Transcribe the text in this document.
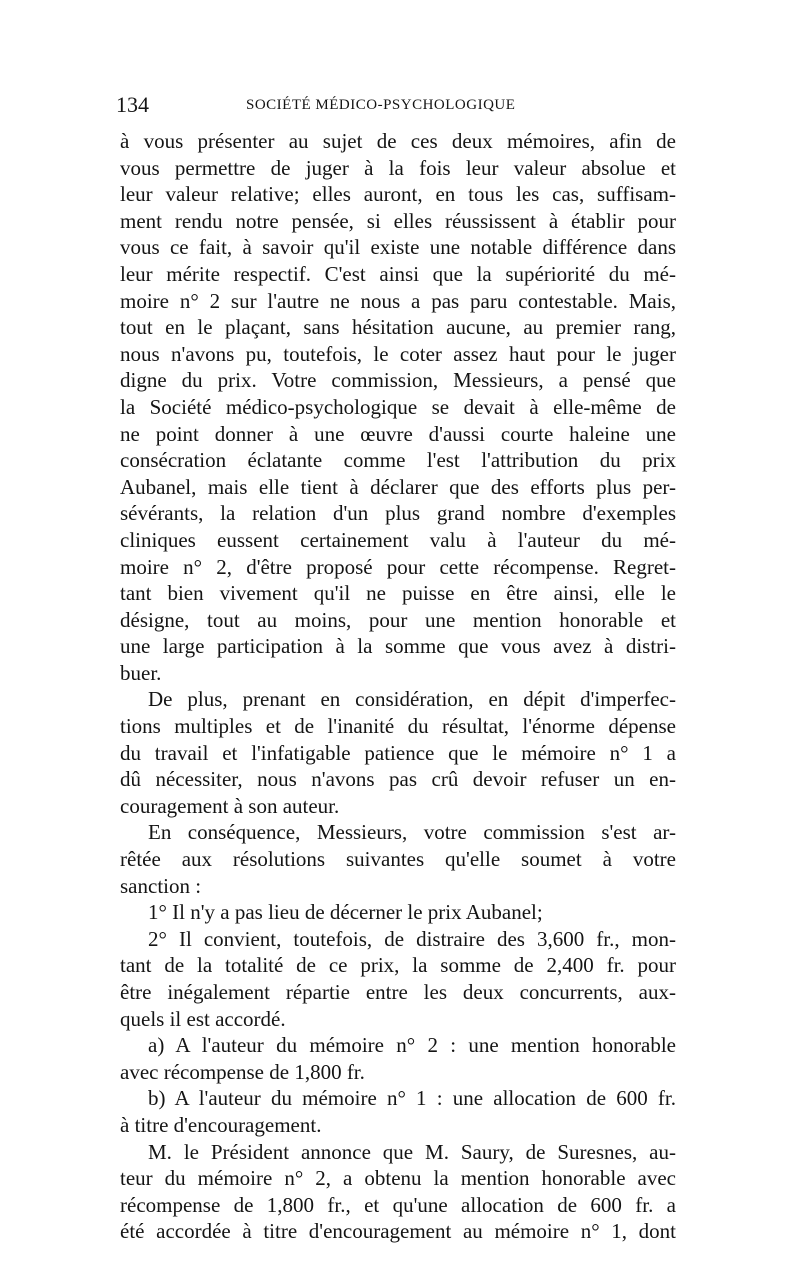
134	SOCIÉTÉ MÉDICO-PSYCHOLOGIQUE
à vous présenter au sujet de ces deux mémoires, afin de
vous permettre de juger à la fois leur valeur absolue et
leur valeur relative; elles auront, en tous les cas, suffisam-
ment rendu notre pensée, si elles réussissent à établir pour
vous ce fait, à savoir qu'il existe une notable différence dans
leur mérite respectif. C'est ainsi que la supériorité du mé-
moire n° 2 sur l'autre ne nous a pas paru contestable. Mais,
tout en le plaçant, sans hésitation aucune, au premier rang,
nous n'avons pu, toutefois, le coter assez haut pour le juger
digne du prix. Votre commission, Messieurs, a pensé que
la Société médico-psychologique se devait à elle-même de
ne point donner à une œuvre d'aussi courte haleine une
consécration éclatante comme l'est l'attribution du prix
Aubanel, mais elle tient à déclarer que des efforts plus per-
sévérants, la relation d'un plus grand nombre d'exemples
cliniques eussent certainement valu à l'auteur du mé-
moire n° 2, d'être proposé pour cette récompense. Regret-
tant bien vivement qu'il ne puisse en être ainsi, elle le
désigne, tout au moins, pour une mention honorable et
une large participation à la somme que vous avez à distri-
buer.
De plus, prenant en considération, en dépit d'imperfec-
tions multiples et de l'inanité du résultat, l'énorme dépense
du travail et l'infatigable patience que le mémoire n° 1 a
dû nécessiter, nous n'avons pas crû devoir refuser un en-
couragement à son auteur.
En conséquence, Messieurs, votre commission s'est ar-
rêtée aux résolutions suivantes qu'elle soumet à votre
sanction :
1° Il n'y a pas lieu de décerner le prix Aubanel;
2° Il convient, toutefois, de distraire des 3,600 fr., mon-
tant de la totalité de ce prix, la somme de 2,400 fr. pour
être inégalement répartie entre les deux concurrents, aux-
quels il est accordé.
a) A l'auteur du mémoire n° 2 : une mention honorable
avec récompense de 1,800 fr.
b) A l'auteur du mémoire n° 1 : une allocation de 600 fr.
à titre d'encouragement.
M. le Président annonce que M. Saury, de Suresnes, au-
teur du mémoire n° 2, a obtenu la mention honorable avec
récompense de 1,800 fr., et qu'une allocation de 600 fr. a
été accordée à titre d'encouragement au mémoire n° 1, dont
